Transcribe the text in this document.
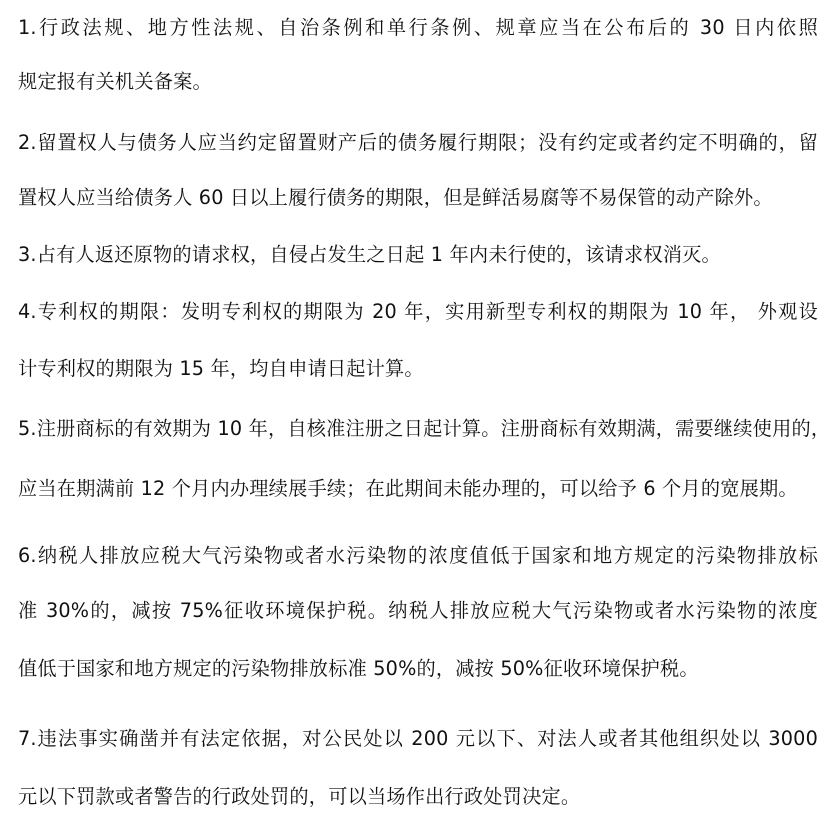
1.行政法规、地方性法规、自治条例和单行条例、规章应当在公布后的 30 日内依照
规定报有关机关备案。
2.留置权人与债务人应当约定留置财产后的债务履行期限；没有约定或者约定不明确的，留
置权人应当给债务人 60 日以上履行债务的期限，但是鲜活易腐等不易保管的动产除外。
3.占有人返还原物的请求权，自侵占发生之日起 1 年内未行使的，该请求权消灭。
4.专利权的期限：发明专利权的期限为 20 年，实用新型专利权的期限为 10 年， 外观设
计专利权的期限为 15 年，均自申请日起计算。
5.注册商标的有效期为 10 年，自核准注册之日起计算。注册商标有效期满，需要继续使用的，
应当在期满前 12 个月内办理续展手续；在此期间未能办理的，可以给予 6 个月的宽展期。
6.纳税人排放应税大气污染物或者水污染物的浓度值低于国家和地方规定的污染物排放标
准 30%的，减按 75%征收环境保护税。纳税人排放应税大气污染物或者水污染物的浓度
值低于国家和地方规定的污染物排放标准 50%的，减按 50%征收环境保护税。
7.违法事实确凿并有法定依据，对公民处以 200 元以下、对法人或者其他组织处以 3000
元以下罚款或者警告的行政处罚的，可以当场作出行政处罚决定。
